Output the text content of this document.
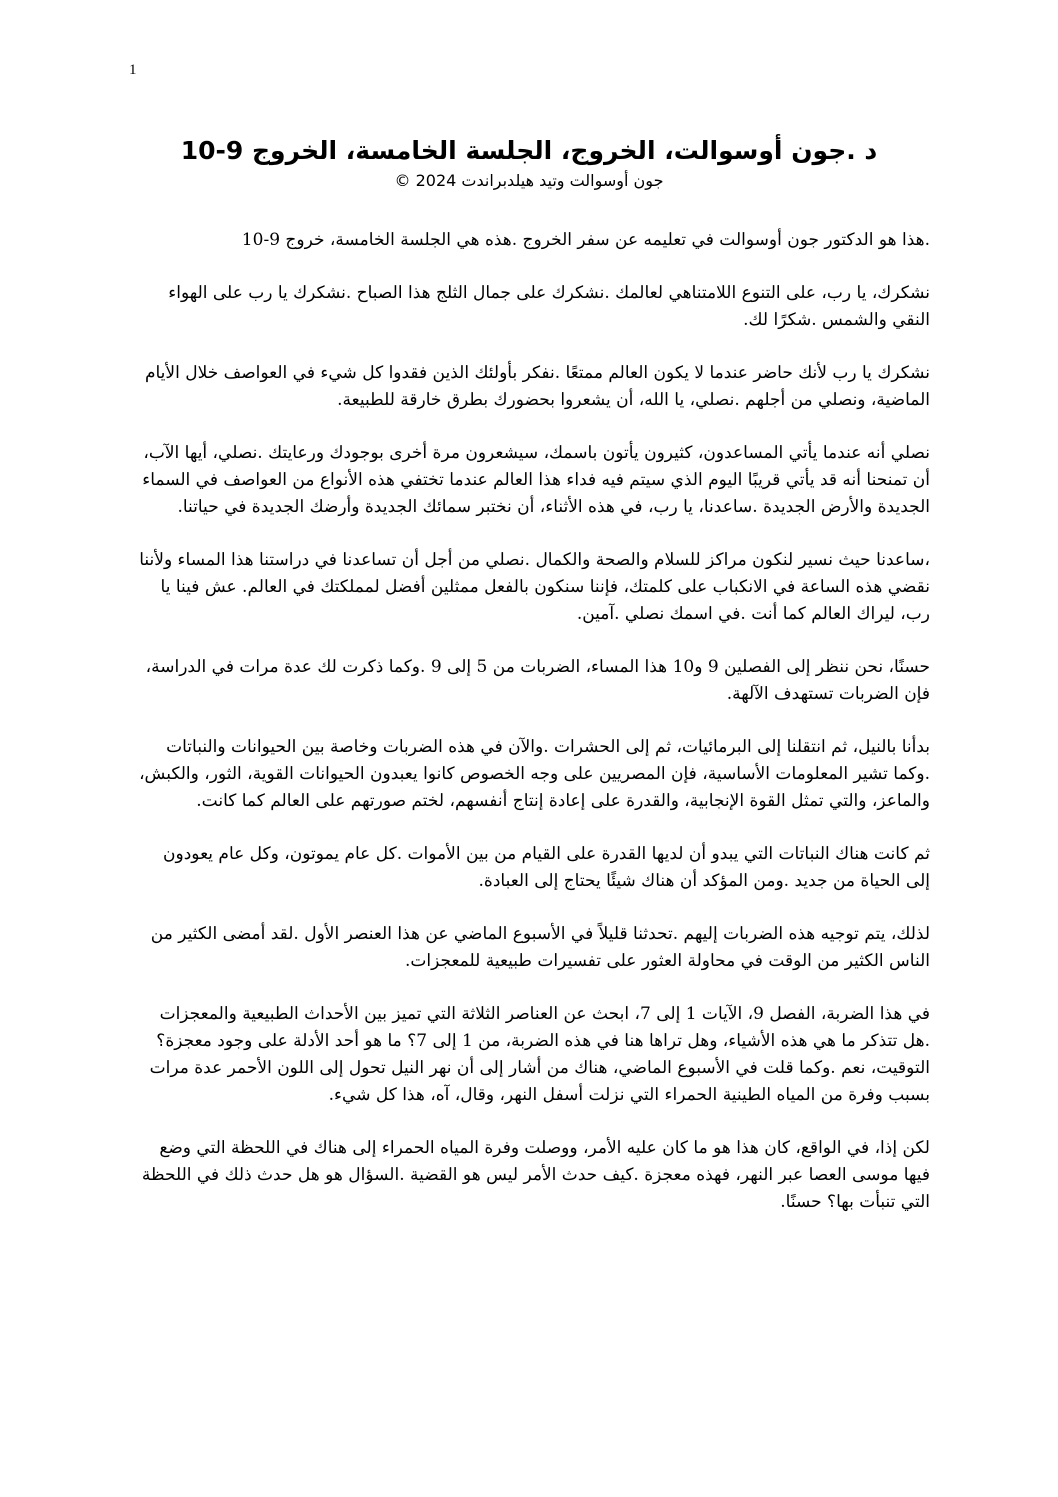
1
د .جون أوسوالت، الخروج، الجلسة الخامسة، الخروج 9-10
جون أوسوالت وتيد هيلدبراندت 2024 ©

.هذا هو الدكتور جون أوسوالت في تعليمه عن سفر الخروج .هذه هي الجلسة الخامسة، خروج 9-10

نشكرك، يا رب، على التنوع اللامتناهي لعالمك .نشكرك على جمال الثلج هذا الصباح .نشكرك يا رب على الهواء النقي والشمس .شكرًا لك.

نشكرك يا رب لأنك حاضر عندما لا يكون العالم ممتعًا .نفكر بأولئك الذين فقدوا كل شيء في العواصف خلال الأيام الماضية، ونصلي من أجلهم .نصلي، يا الله، أن يشعروا بحضورك بطرق خارقة للطبيعة.

نصلي أنه عندما يأتي المساعدون، كثيرون يأتون باسمك، سيشعرون مرة أخرى بوجودك ورعايتك .نصلي، أيها الآب، أن تمنحنا أنه قد يأتي قريبًا اليوم الذي سيتم فيه فداء هذا العالم عندما تختفي هذه الأنواع من العواصف في السماء الجديدة والأرض الجديدة .ساعدنا، يا رب، في هذه الأثناء، أن نختبر سمائك الجديدة وأرضك الجديدة في حياتنا.

،ساعدنا حيث نسير لنكون مراكز للسلام والصحة والكمال .نصلي من أجل أن تساعدنا في دراستنا هذا المساء ولأننا نقضي هذه الساعة في الانكباب على كلمتك، فإننا سنكون بالفعل ممثلين أفضل لمملكتك في العالم. عش فينا يا رب، ليراك العالم كما أنت .في اسمك نصلي .آمين.

حسنًا، نحن ننظر إلى الفصلين 9 و10 هذا المساء، الضربات من 5 إلى 9 .وكما ذكرت لك عدة مرات في الدراسة، فإن الضربات تستهدف الآلهة.

بدأنا بالنيل، ثم انتقلنا إلى البرمائيات، ثم إلى الحشرات .والآن في هذه الضربات وخاصة بين الحيوانات والنباتات .وكما تشير المعلومات الأساسية، فإن المصريين على وجه الخصوص كانوا يعبدون الحيوانات القوية، الثور، والكبش، والماعز، والتي تمثل القوة الإنجابية، والقدرة على إعادة إنتاج أنفسهم، لختم صورتهم على العالم كما كانت.

ثم كانت هناك النباتات التي يبدو أن لديها القدرة على القيام من بين الأموات .كل عام يموتون، وكل عام يعودون إلى الحياة من جديد .ومن المؤكد أن هناك شيئًا يحتاج إلى العبادة.

لذلك، يتم توجيه هذه الضربات إليهم .تحدثنا قليلاً في الأسبوع الماضي عن هذا العنصر الأول .لقد أمضى الكثير من الناس الكثير من الوقت في محاولة العثور على تفسيرات طبيعية للمعجزات.

في هذا الضربة، الفصل 9، الآيات 1 إلى 7، ابحث عن العناصر الثلاثة التي تميز بين الأحداث الطبيعية والمعجزات .هل تتذكر ما هي هذه الأشياء، وهل تراها هنا في هذه الضربة، من 1 إلى 7؟ ما هو أحد الأدلة على وجود معجزة؟ التوقيت، نعم .وكما قلت في الأسبوع الماضي، هناك من أشار إلى أن نهر النيل تحول إلى اللون الأحمر عدة مرات بسبب وفرة من المياه الطينية الحمراء التي نزلت أسفل النهر، وقال، آه، هذا كل شيء.

لكن إذا، في الواقع، كان هذا هو ما كان عليه الأمر، ووصلت وفرة المياه الحمراء إلى هناك في اللحظة التي وضع فيها موسى العصا عبر النهر، فهذه معجزة .كيف حدث الأمر ليس هو القضية .السؤال هو هل حدث ذلك في اللحظة التي تنبأت بها؟ حسنًا.
